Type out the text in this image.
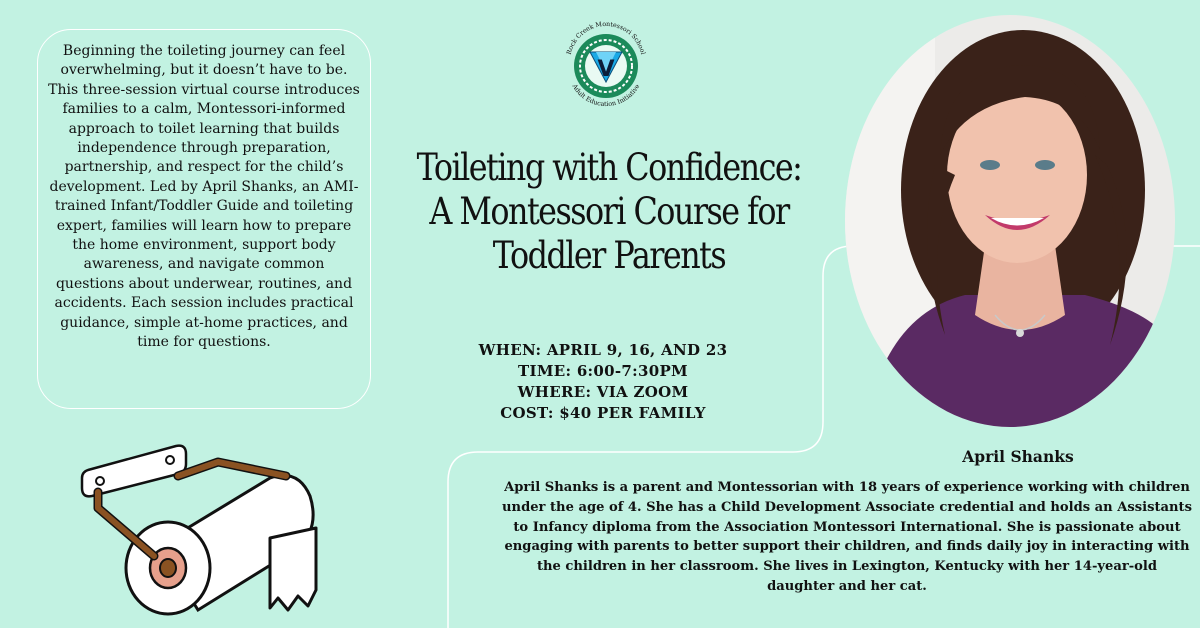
Beginning the toileting journey can feel overwhelming, but it doesn’t have to be. This three-session virtual course introduces families to a calm, Montessori-informed approach to toilet learning that builds independence through preparation, partnership, and respect for the child’s development. Led by April Shanks, an AMI-trained Infant/Toddler Guide and toileting expert, families will learn how to prepare the home environment, support body awareness, and navigate common questions about underwear, routines, and accidents. Each session includes practical guidance, simple at-home practices, and time for questions.
V
Rock Creek Montessori School
Adult Education Initiative
Toileting with Confidence:
A Montessori Course for
Toddler Parents
WHEN: APRIL 9, 16, AND 23
TIME: 6:00-7:30PM
WHERE: VIA ZOOM
COST: $40 PER FAMILY
April Shanks
April Shanks is a parent and Montessorian with 18 years of experience working with children under the age of 4. She has a Child Development Associate credential and holds an Assistants to Infancy diploma from the Association Montessori International. She is passionate about engaging with parents to better support their children, and finds daily joy in interacting with the children in her classroom. She lives in Lexington, Kentucky with her 14-year-old daughter and her cat.
